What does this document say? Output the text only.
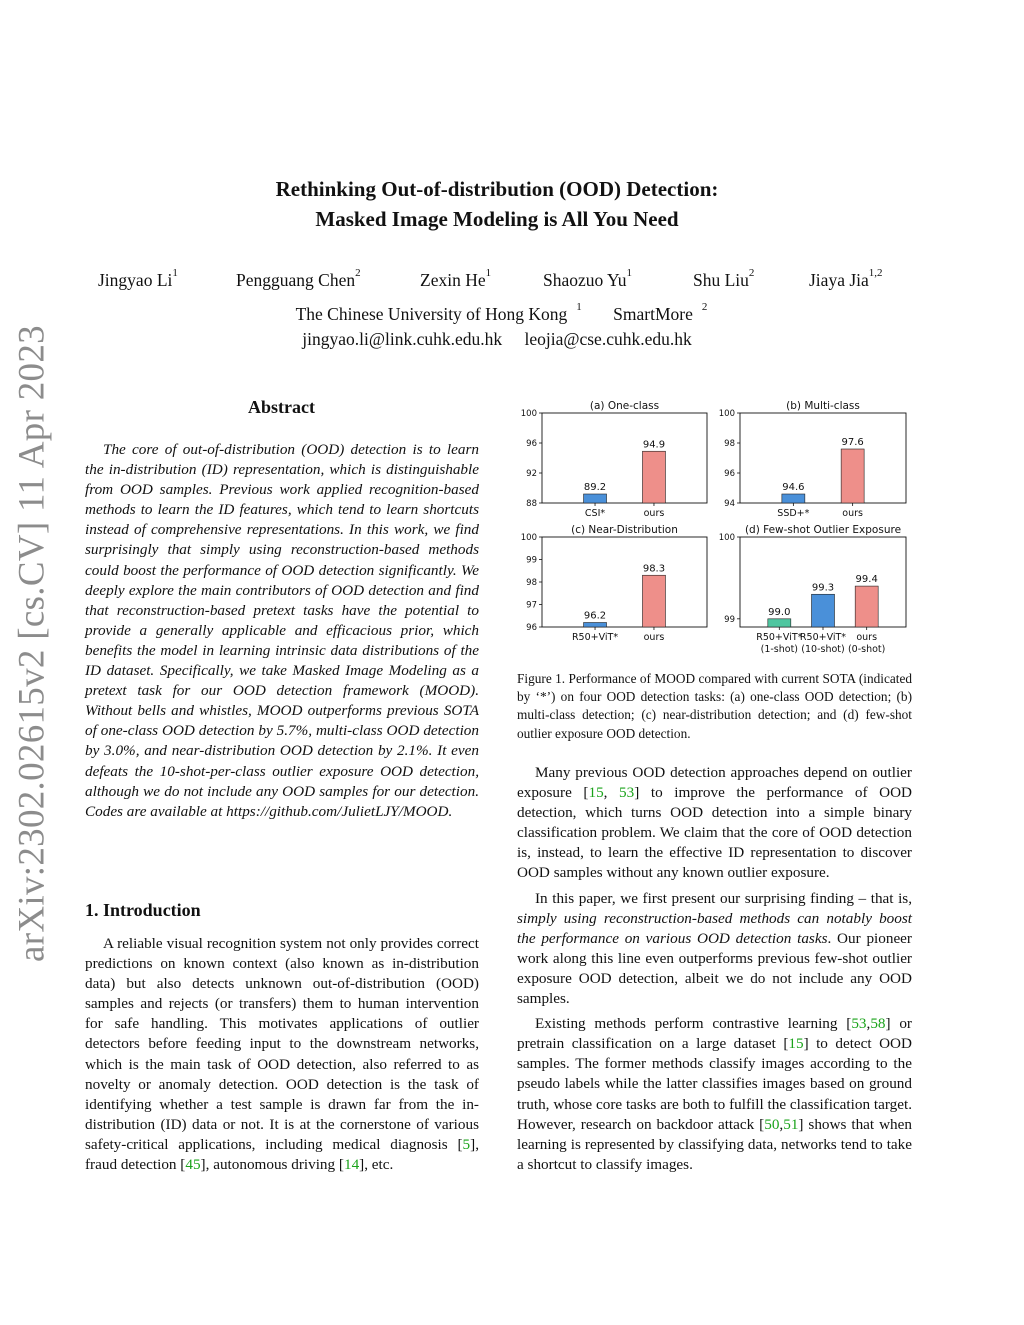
Rethinking Out-of-distribution (OOD) Detection:
Masked Image Modeling is All You Need
Jingyao Li$^1$	Pengguang Chen$^2$	Zexin He$^1$	Shaozuo Yu$^1$	Shu Liu$^2$	Jiaya Jia$^{1,2}$
The Chinese University of Hong Kong $^1$ SmartMore $^2$
jingyao.li@link.cuhk.edu.hk leojia@cse.cuhk.edu.hk
arXiv:2302.02615v2 [cs.CV] 11 Apr 2023	Abstract

The core of out-of-distribution (OOD) detection is to learn the in-distribution (ID) representation, which is distinguishable from OOD samples. Previous work applied recognition-based methods to learn the ID features, which tend to learn shortcuts instead of comprehensive representations. In this work, we find surprisingly that simply using reconstruction-based methods could boost the performance of OOD detection significantly. We deeply explore the main contributors of OOD detection and find that reconstruction-based pretext tasks have the potential to provide a generally applicable and efficacious prior, which benefits the model in learning intrinsic data distributions of the ID dataset. Specifically, we take Masked Image Modeling as a pretext task for our OOD detection framework (MOOD). Without bells and whistles, MOOD outperforms previous SOTA of one-class OOD detection by 5.7%, multi-class OOD detection by 3.0%, and near-distribution OOD detection by 2.1%. It even defeats the 10-shot-per-class outlier exposure OOD detection, although we do not include any OOD samples for our detection. Codes are available at https://github.com/JulietLJY/MOOD.

1. Introduction

A reliable visual recognition system not only provides correct predictions on known context (also known as in-distribution data) but also detects unknown out-of-distribution (OOD) samples and rejects (or transfers) them to human intervention for safe handling. This motivates applications of outlier detectors before feeding input to the downstream networks, which is the main task of OOD detection, also referred to as novelty or anomaly detection. OOD detection is the task of identifying whether a test sample is drawn far from the in-distribution (ID) data or not. It is at the cornerstone of various safety-critical applications, including medical diagnosis [5], fraud detection [45], autonomous driving [14], etc.

(a) One-class
88
92
96
100
89.2
CSI*
94.9
ours
(b) Multi-class
94
96
98
100
94.6
SSD+*
97.6
ours
(c) Near-Distribution
96
97
98
99
100
96.2
R50+ViT*
98.3
ours
(d) Few-shot Outlier Exposure
99
100
99.0
R50+ViT* (1-shot)
99.3
R50+ViT* (10-shot)
99.4
ours (0-shot)
Figure 1. Performance of MOOD compared with current SOTA (indicated by ‘*’) on four OOD detection tasks: (a) one-class OOD detection; (b) multi-class detection; (c) near-distribution detection; and (d) few-shot outlier exposure OOD detection.

Many previous OOD detection approaches depend on outlier exposure [15, 53] to improve the performance of OOD detection, which turns OOD detection into a simple binary classification problem. We claim that the core of OOD detection is, instead, to learn the effective ID representation to discover OOD samples without any known outlier exposure.

In this paper, we first present our surprising finding – that is, simply using reconstruction-based methods can notably boost the performance on various OOD detection tasks. Our pioneer work along this line even outperforms previous few-shot outlier exposure OOD detection, albeit we do not include any OOD samples.

Existing methods perform contrastive learning [53,58] or pretrain classification on a large dataset [15] to detect OOD samples. The former methods classify images according to the pseudo labels while the latter classifies images based on ground truth, whose core tasks are both to fulfill the classification target. However, research on backdoor attack [50,51] shows that when learning is represented by classifying data, networks tend to take a shortcut to classify images.
